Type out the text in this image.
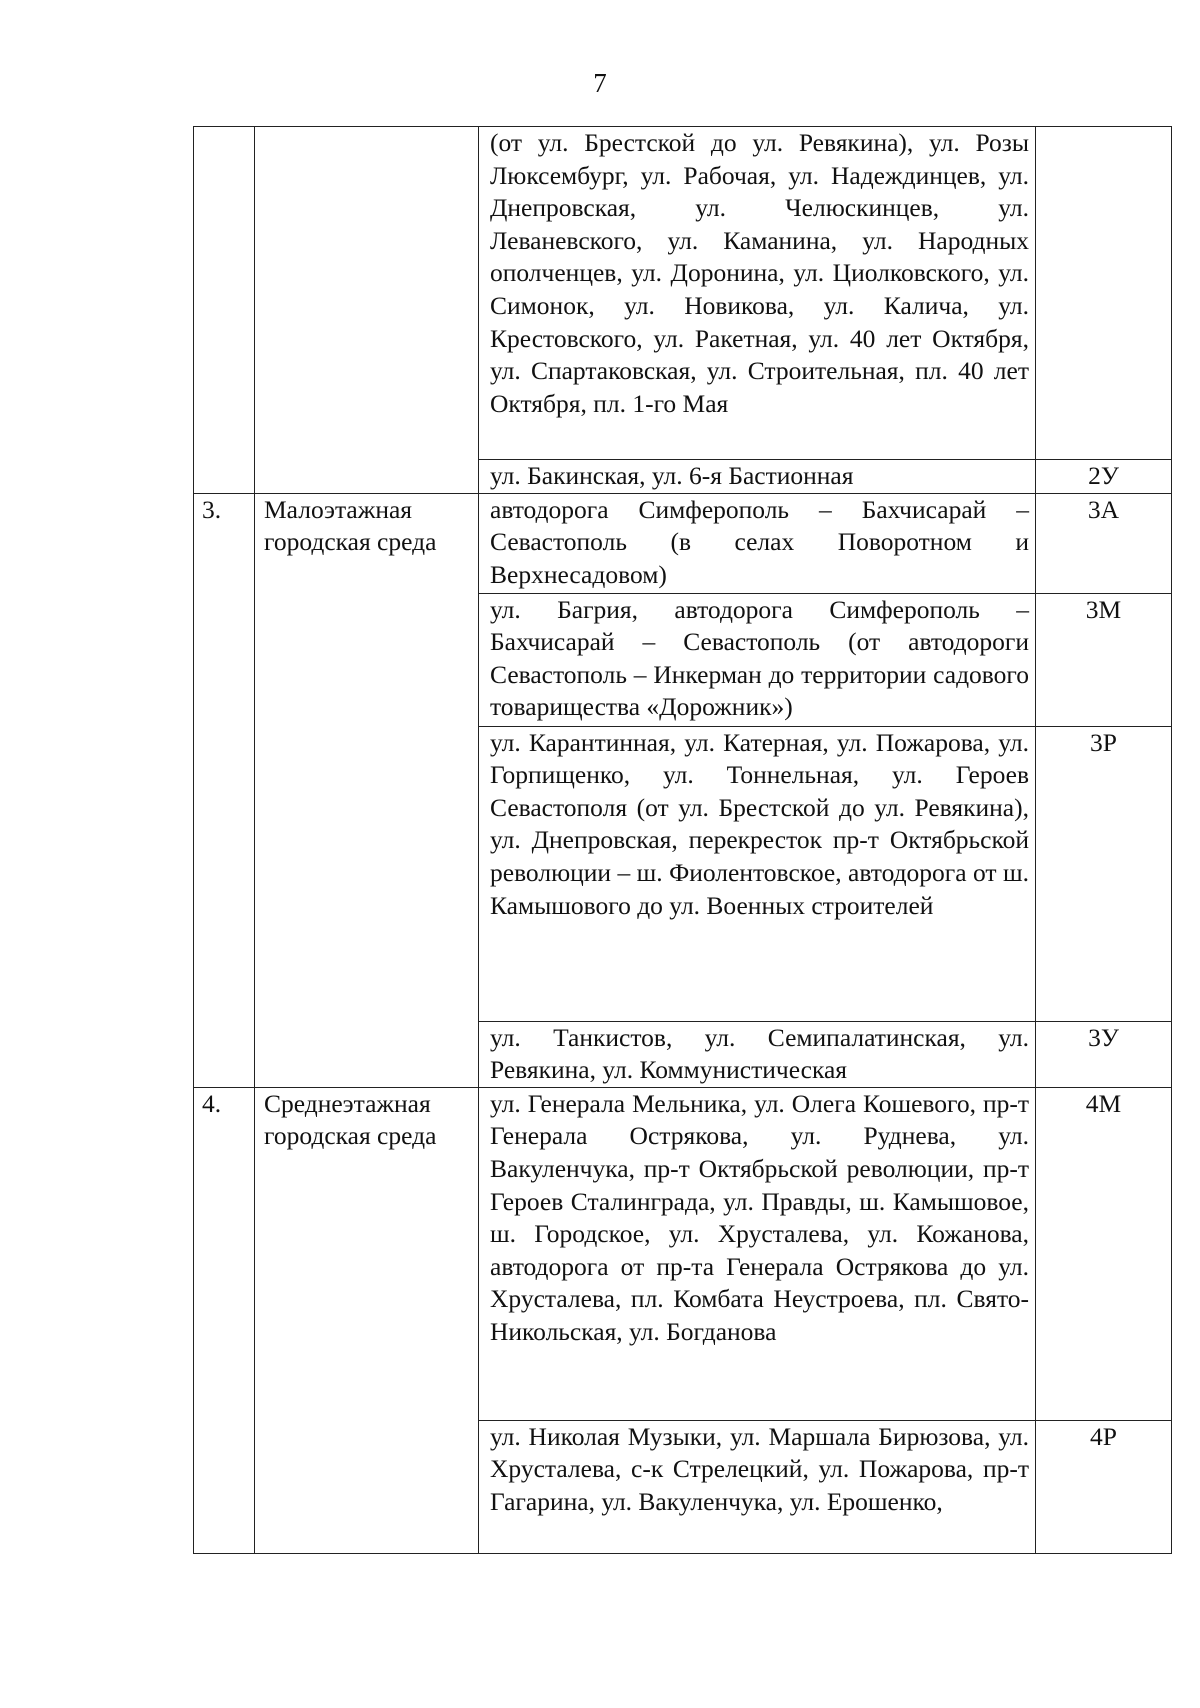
7
		(от ул. Брестской до ул. Ревякина), ул. Розы Люксембург, ул. Рабочая, ул. Надеждинцев, ул. Днепровская, ул. Челюскинцев, ул. Леваневского, ул. Каманина, ул. Народных ополченцев, ул. Доронина, ул. Циолковского, ул. Симонок, ул. Новикова, ул. Калича, ул. Крестовского, ул. Ракетная, ул. 40 лет Октября, ул. Спартаковская, ул. Строительная, пл. 40 лет Октября, пл. 1-го Мая	
		ул. Бакинская, ул. 6-я Бастионная	2У
3.	Малоэтажная городская среда	автодорога Симферополь – Бахчисарай – Севастополь (в селах Поворотном и Верхнесадовом)	3А
		ул. Багрия, автодорога Симферополь – Бахчисарай – Севастополь (от автодороги Севастополь – Инкерман до территории садового товарищества «Дорожник»)	3М
		ул. Карантинная, ул. Катерная, ул. Пожарова, ул. Горпищенко, ул. Тоннельная, ул. Героев Севастополя (от ул. Брестской до ул. Ревякина), ул. Днепровская, перекресток пр-т Октябрьской революции – ш. Фиолентовское, автодорога от ш. Камышового до ул. Военных строителей	3Р
		ул. Танкистов, ул. Семипалатинская, ул. Ревякина, ул. Коммунистическая	3У
4.	Среднеэтажная городская среда	ул. Генерала Мельника, ул. Олега Кошевого, пр-т Генерала Острякова, ул. Руднева, ул. Вакуленчука, пр-т Октябрьской революции, пр-т Героев Сталинграда, ул. Правды, ш. Камышовое, ш. Городское, ул. Хрусталева, ул. Кожанова, автодорога от пр-та Генерала Острякова до ул. Хрусталева, пл. Комбата Неустроева, пл. Свято-Никольская, ул. Богданова	4М
		ул. Николая Музыки, ул. Маршала Бирюзова, ул. Хрусталева, с-к Стрелецкий, ул. Пожарова, пр-т Гагарина, ул. Вакуленчука, ул. Ерошенко,	4Р
